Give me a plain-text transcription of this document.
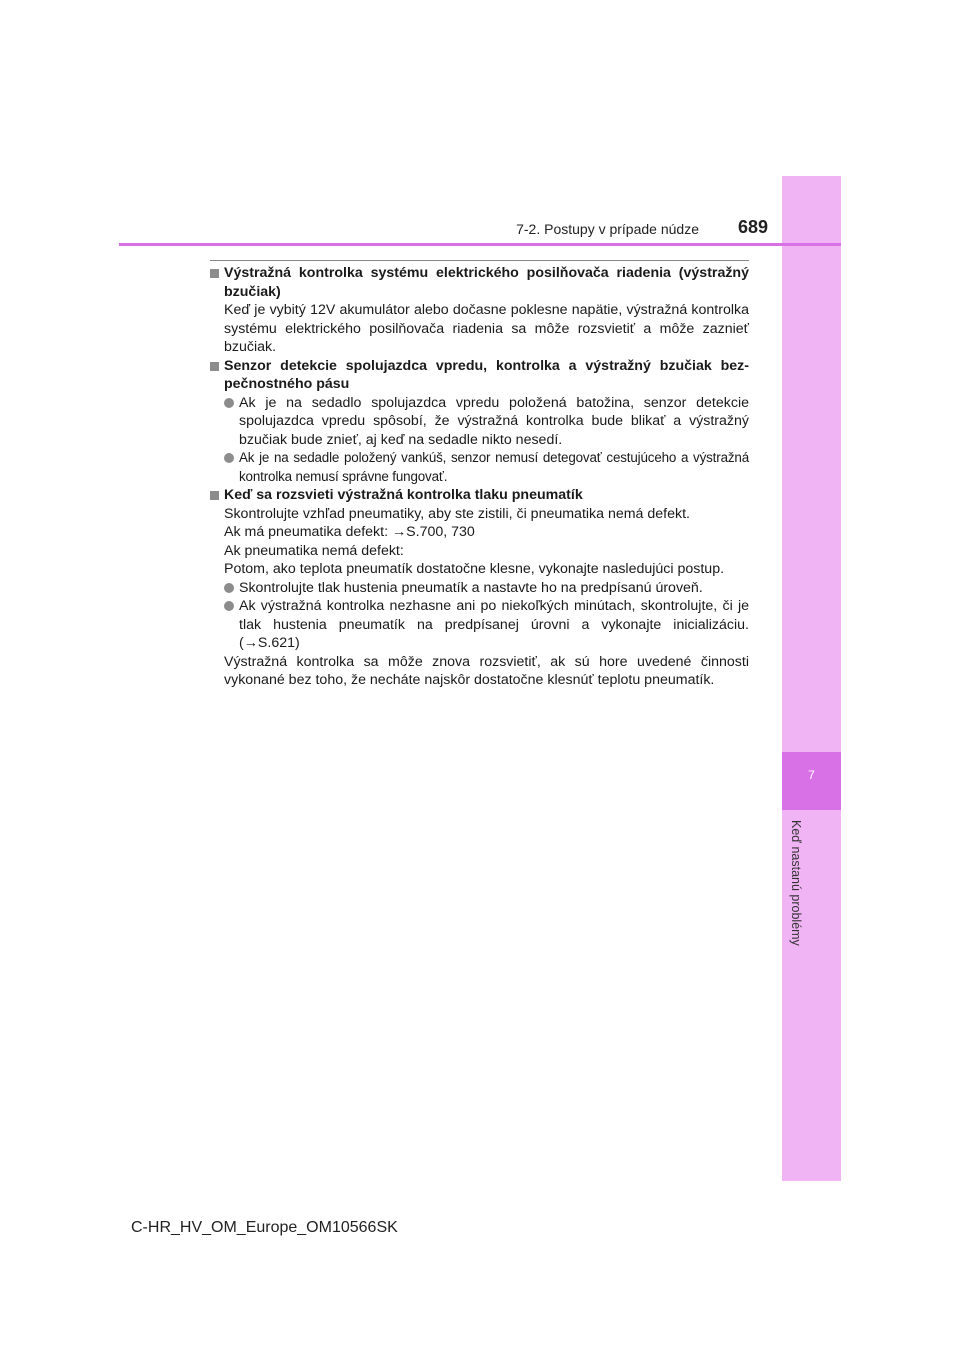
7
Keď nastanú problémy
7-2. Postupy v prípade núdze 689

Výstražná kontrolka systému elektrického posilňovača riadenia (výstražný bzučiak)

Keď je vybitý 12V akumulátor alebo dočasne poklesne napätie, výstražná kontrolka systému elektrického posilňovača riadenia sa môže rozsvietiť a môže zaznieť bzučiak.

Senzor detekcie spolujazdca vpredu, kontrolka a výstražný bzučiak bezpečnostného pásu

Ak je na sedadlo spolujazdca vpredu položená batožina, senzor detekcie spolujazdca vpredu spôsobí, že výstražná kontrolka bude blikať a výstražný bzučiak bude znieť, aj keď na sedadle nikto nesedí.

Ak je na sedadle položený vankúš, senzor nemusí detegovať cestujúceho a výstražná kontrolka nemusí správne fungovať.

Keď sa rozsvieti výstražná kontrolka tlaku pneumatík

Skontrolujte vzhľad pneumatiky, aby ste zistili, či pneumatika nemá defekt.

Ak má pneumatika defekt: →S.700, 730

Ak pneumatika nemá defekt:

Potom, ako teplota pneumatík dostatočne klesne, vykonajte nasledujúci postup.

Skontrolujte tlak hustenia pneumatík a nastavte ho na predpísanú úroveň.

Ak výstražná kontrolka nezhasne ani po niekoľkých minútach, skontrolujte, či je tlak hustenia pneumatík na predpísanej úrovni a vykonajte inicializáciu. (→S.621)

Výstražná kontrolka sa môže znova rozsvietiť, ak sú hore uvedené činnosti vykonané bez toho, že necháte najskôr dostatočne klesnúť teplotu pneumatík.

C-HR_HV_OM_Europe_OM10566SK
